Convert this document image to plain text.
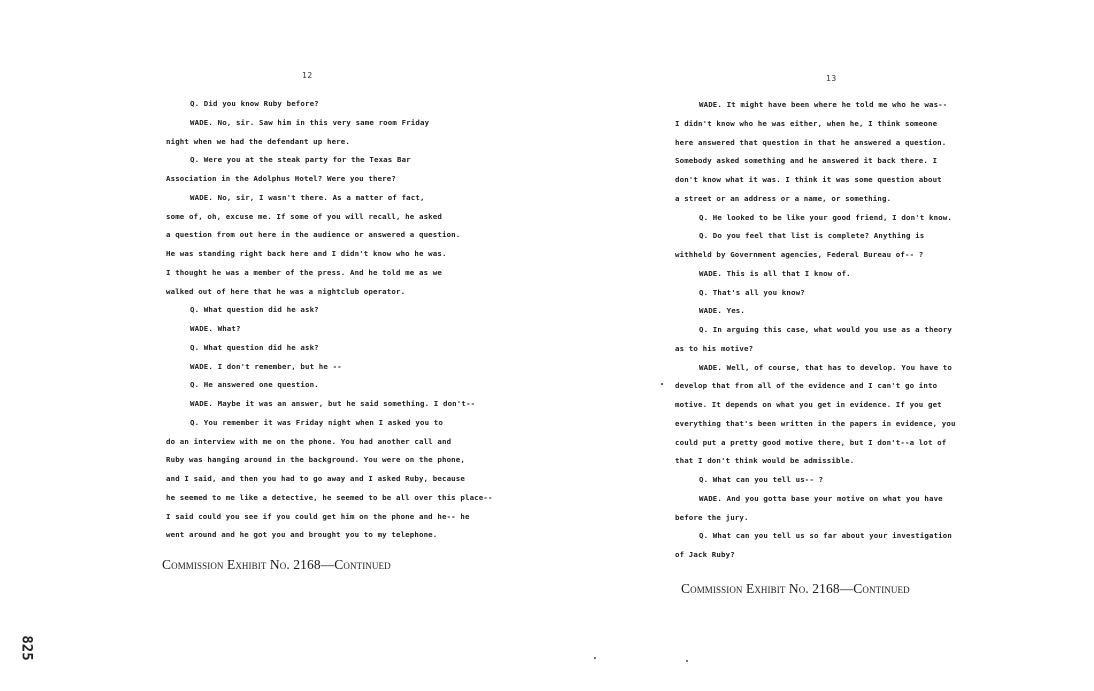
12
Q. Did you know Ruby before?
WADE. No, sir. Saw him in this very same room Friday
night when we had the defendant up here.
Q. Were you at the steak party for the Texas Bar
Association in the Adolphus Hotel? Were you there?
WADE. No, sir, I wasn't there. As a matter of fact,
some of, oh, excuse me. If some of you will recall, he asked
a question from out here in the audience or answered a question.
He was standing right back here and I didn't know who he was.
I thought he was a member of the press. And he told me as we
walked out of here that he was a nightclub operator.
Q. What question did he ask?
WADE. What?
Q. What question did he ask?
WADE. I don't remember, but he --
Q. He answered one question.
WADE. Maybe it was an answer, but he said something. I don't--
Q. You remember it was Friday night when I asked you to
do an interview with me on the phone. You had another call and
Ruby was hanging around in the background. You were on the phone,
and I said, and then you had to go away and I asked Ruby, because
he seemed to me like a detective, he seemed to be all over this place--
I said could you see if you could get him on the phone and he-- he
went around and he got you and brought you to my telephone.
Commission Exhibit No. 2168—Continued
13
WADE. It might have been where he told me who he was--
I didn't know who he was either, when he, I think someone
here answered that question in that he answered a question.
Somebody asked something and he answered it back there. I
don't know what it was. I think it was some question about
a street or an address or a name, or something.
Q. He looked to be like your good friend, I don't know.
Q. Do you feel that list is complete? Anything is
withheld by Government agencies, Federal Bureau of-- ?
WADE. This is all that I know of.
Q. That's all you know?
WADE. Yes.
Q. In arguing this case, what would you use as a theory
as to his motive?
WADE. Well, of course, that has to develop. You have to
develop that from all of the evidence and I can't go into
motive. It depends on what you get in evidence. If you get
everything that's been written in the papers in evidence, you
could put a pretty good motive there, but I don't--a lot of
that I don't think would be admissible.
Q. What can you tell us-- ?
WADE. And you gotta base your motive on what you have
before the jury.
Q. What can you tell us so far about your investigation
of Jack Ruby?
Commission Exhibit No. 2168—Continued
825
